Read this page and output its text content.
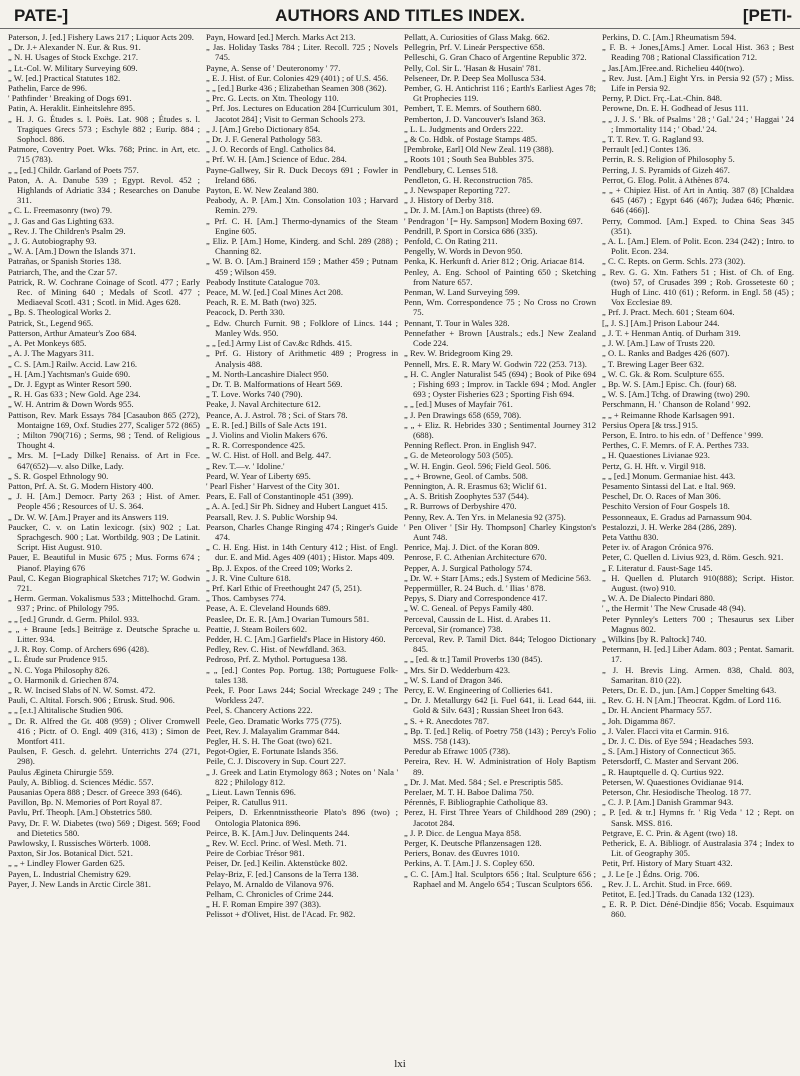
PATE-]	AUTHORS AND TITLES INDEX.	[PETI-

Paterson, J. [ed.] Fishery Laws 217 ; Liquor Acts 209.

„ Dr. J.+ Alexander N. Eur. & Rus. 91.

„ N. H. Usages of Stock Exchge. 217.

„ Lt.-Col. W. Military Surveying 609.

„ W. [ed.] Practical Statutes 182.

Pathelin, Farce de 996.

' Pathfinder ' Breaking of Dogs 691.

Patin, A. Heraklit. Einheitslehre 895.

„ H. J. G. Études s. l. Poës. Lat. 908 ; Études s. l. Tragiques Grecs 573 ; Eschyle 882 ; Eurip. 884 ; Sophocl. 886.

Patmore, Coventry Poet. Wks. 768; Princ. in Art, etc. 715 (783).

„ „ [ed.] Childr. Garland of Poets 757.

Paton, A. A. Danube 539 ; Egypt. Revol. 452 ; Highlands of Adriatic 334 ; Researches on Danube 311.

„ C. L. Freemasonry (two) 79.

„ J. Gas and Gas Lighting 633.

„ Rev. J. The Children's Psalm 29.

„ J. G. Autobiography 93.

„ W. A. [Am.] Down the Islands 371.

Patrañas, or Spanish Stories 138.

Patriarch, The, and the Czar 57.

Patrick, R. W. Cochrane Coinage of Scotl. 477 ; Early Rec. of Mining 640 ; Medals of Scotl. 477 ; Mediaeval Scotl. 431 ; Scotl. in Mid. Ages 628.

„ Bp. S. Theological Works 2.

Patrick, St., Legend 965.

Patterson, Arthur Amateur's Zoo 684.

„ A. Pet Monkeys 685.

„ A. J. The Magyars 311.

„ C. S. [Am.] Railw. Accid. Law 216.

„ H. [Am.] Yachtsman's Guide 690.

„ Dr. J. Egypt as Winter Resort 590.

„ R. H. Gas 633 ; New Gold. Age 234.

„ W. H. Antrim & Down Words 955.

Pattison, Rev. Mark Essays 784 [Casaubon 865 (272), Montaigne 169, Oxf. Studies 277, Scaliger 572 (865) ; Milton 790(716) ; Serms, 98 ; Tend. of Religious Thought 4.

„ Mrs. M. [=Lady Dilke] Renaiss. of Art in Fce. 647(652)—v. also Dilke, Lady.

„ S. R. Gospel Ethnology 90.

Patton, Prf. A. St. G. Modern History 400.

„ J. H. [Am.] Democr. Party 263 ; Hist. of Amer. People 456 ; Resources of U. S. 364.

„ Dr. W. W. [Am.] Prayer and its Answers 119.

Paucker, C. v. on Latin lexicogr. (six) 902 ; Lat. Sprachgesch. 900 ; Lat. Wortbildg. 903 ; De Latinit. Script. Hist August. 910.

Pauer, E. Beautiful in Music 675 ; Mus. Forms 674 ; Pianof. Playing 676

Paul, C. Kegan Biographical Sketches 717; W. Godwin 721.

„ Herm. German. Vokalismus 533 ; Mittelhochd. Gram. 937 ; Princ. of Philology 795.

„ „ [ed.] Grundr. d. Germ. Philol. 933.

„ „ + Braune [eds.] Beiträge z. Deutsche Sprache u. Litter. 934.

„ J. R. Roy. Comp. of Archers 696 (428).

„ L. Étude sur Prudence 915.

„ N. C. Yoga Philosophy 826.

„ O. Harmonik d. Griechen 874.

„ R. W. Incised Slabs of N. W. Somst. 472.

Pauli, C. Altital. Forsch. 906 ; Etrusk. Stud. 906.

„ „ [e.t.] Altitalische Studien 906.

„ Dr. R. Alfred the Gt. 408 (959) ; Oliver Cromwell 416 ; Pictr. of O. Engl. 409 (316, 413) ; Simon de Montfort 411.

Paulsen, F. Gesch. d. gelehrt. Unterrichts 274 (271, 298).

Paulus Ægineta Chirurgie 559.

Pauly, A. Bibliog. d. Sciences Médic. 557.

Pausanias Opera 888 ; Descr. of Greece 393 (646).

Pavillon, Bp. N. Memories of Port Royal 87.

Pavlu, Prf. Theoph. [Am.] Obstetrics 580.

Pavy, Dr. F. W. Diabetes (two) 569 ; Digest. 569; Food and Dietetics 580.

Pawlowsky, I. Russisches Wörterb. 1008.

Paxton, Sir Jos. Botanical Dict. 521.

„ „ + Lindley Flower Garden 625.

Payen, L. Industrial Chemistry 629.

Payer, J. New Lands in Arctic Circle 381.

Payn, Howard [ed.] Merch. Marks Act 213.

„ Jas. Holiday Tasks 784 ; Liter. Recoll. 725 ; Novels 745.

Payne, A. Sense of ' Deuteronomy ' 77.

„ E. J. Hist. of Eur. Colonies 429 (401) ; of U.S. 456.

„ „ [ed.] Burke 436 ; Elizabethan Seamen 308 (362).

„ Prc. G. Lects. on Xtn. Theology 110.

„ Prf. Jos. Lectures on Education 284 [Curriculum 301, Jacotot 284] ; Visit to German Schools 273.

„ J. [Am.] Grebo Dictionary 854.

„ Dr. J. F. General Pathology 583.

„ J. O. Records of Engl. Catholics 84.

„ Prf. W. H. [Am.] Science of Educ. 284.

Payne-Gallwey, Sir R. Duck Decoys 691 ; Fowler in Ireland 686.

Payton, E. W. New Zealand 380.

Peabody, A. P. [Am.] Xtn. Consolation 103 ; Harvard Remin. 279.

„ Prf. C. H. [Am.] Thermo-dynamics of the Steam Engine 605.

„ Eliz. P. [Am.] Home, Kinderg. and Schl. 289 (288) ; Channing 82.

„ W. B. O. [Am.] Brainerd 159 ; Mather 459 ; Putnam 459 ; Wilson 459.

Peabody Institute Catalogue 703.

Peace, M. W. [ed.] Coal Mines Act 208.

Peach, R. E. M. Bath (two) 325.

Peacock, D. Perth 330.

„ Edw. Church Furnit. 98 ; Folklore of Lincs. 144 ; Manley Wds. 950.

„ „ [ed.] Army List of Cav.&c Rdhds. 415.

„ Prf. G. History of Arithmetic 489 ; Progress in Analysis 488.

„ M. North-Lancashire Dialect 950.

„ Dr. T. B. Malformations of Heart 569.

„ T. Love. Works 740 (790).

Peake, J. Naval Architecture 612.

Peance, A. J. Astrol. 78 ; Sci. of Stars 78.

„ E. R. [ed.] Bills of Sale Acts 191.

„ J. Violins and Violin Makers 676.

„ R. R. Correspondence 425.

„ W. C. Hist. of Holl. and Belg. 447.

„ Rev. T.—v. ' Idoline.'

Peard, W. Year of Liberty 695.

' Pearl Fisher ' Harvest of the City 301.

Pears, E. Fall of Constantinople 451 (399).

„ A. A. [ed.] Sir Ph. Sidney and Hubert Languet 415.

Pearsall, Rev. J. S. Public Worship 94.

Pearson, Charles Change Ringing 474 ; Ringer's Guide 474.

„ C. H. Eng. Hist. in 14th Century 412 ; Hist. of Engl. dur. E. and Mid. Ages 409 (401) ; Histor. Maps 409.

„ Bp. J. Expos. of the Creed 109; Works 2.

„ J. R. Vine Culture 618.

„ Prf. Karl Ethic of Freethought 247 (5, 251).

„ Thos. Cambyses 774.

Pease, A. E. Cleveland Hounds 689.

Peaslee, Dr. E. R. [Am.] Ovarian Tumours 581.

Peattie, J. Steam Boilers 602.

Pedder, H. C. [Am.] Garfield's Place in History 460.

Pedley, Rev. C. Hist. of Newfdland. 363.

Pedroso, Prf. Z. Mythol. Portuguesa 138.

„ „ [ed.] Contes Pop. Portug. 138; Portuguese Folk-tales 138.

Peek, F. Poor Laws 244; Social Wreckage 249 ; The Workless 247.

Peel, S. Chancery Actions 222.

Peele, Geo. Dramatic Works 775 (775).

Peet, Rev. J. Malayalim Grammar 844.

Pegler, H. S. H. The Goat (two) 621.

Pegot-Ogier, E. Fortunate Islands 356.

Peile, C. J. Discovery in Sup. Court 227.

„ J. Greek and Latin Etymology 863 ; Notes on ' Nala ' 822 ; Philology 812.

„ Lieut. Lawn Tennis 696.

Peiper, R. Catullus 911.

Peipers, D. Erkenntnisstheorie Plato's 896 (two) ; Ontologia Platonica 896.

Peirce, B. K. [Am.] Juv. Delinquents 244.

„ Rev. W. Eccl. Princ. of Wesl. Meth. 71.

Peire de Corbiac Trésor 981.

Peiser, Dr. [ed.] Keilin. Aktenstücke 802.

Pelay-Briz, F. [ed.] Cansons de la Terra 138.

Pelayo, M. Arnaldo de Vilanova 976.

Pelham, C. Chronicles of Crime 244.

„ H. F. Roman Empire 397 (383).

Pelissot + d'Olivet, Hist. de l'Acad. Fr. 982.

Pellatt, A. Curiosities of Glass Makg. 662.

Pellegrin, Prf. V. Lineár Perspective 658.

Pelleschi, G. Gran Chaco of Argentine Republic 372.

Pelly, Col. Sir L. 'Hasan & Husain' 781.

Pelseneer, Dr. P. Deep Sea Mollusca 534.

Pember, G. H. Antichrist 116 ; Earth's Earliest Ages 78; Gt Prophecies 119.

Pembert, T. E. Memrs. of Southern 680.

Pemberton, J. D. Vancouver's Island 363.

„ L. L. Judgments and Orders 222.

„ & Co. Hdbk. of Postage Stamps 485.

[Pembroke, Earl] Old New Zeal. 119 (388).

„ Roots 101 ; South Sea Bubbles 375.

Pendlebury, C. Lenses 518.

Pendleton, G. H. Reconstruction 785.

„ J. Newspaper Reporting 727.

„ J. History of Derby 318.

„ Dr. J. M. [Am.] on Baptists (three) 69.

' Pendragon ' [= Hy. Sampson] Modern Boxing 697.

Pendrill, P. Sport in Corsica 686 (335).

Penfold, C. On Rating 211.

Pengelly, W. Words in Devon 950.

Penka, K. Herkunft d. Arier 812 ; Orig. Ariacae 814.

Penley, A. Eng. School of Painting 650 ; Sketching from Nature 657.

Penman, W. Land Surveying 599.

Penn, Wm. Correspondence 75 ; No Cross no Crown 75.

Pennant, T. Tour in Wales 328.

Pennefather + Brown [Australs.; eds.] New Zealand Code 224.

„ Rev. W. Bridegroom King 29.

Pennell, Mrs. E. R. Mary W. Godwin 722 (253. 713).

„ H. C. Angler Naturalist 545 (694) ; Book of Pike 694 ; Fishing 693 ; Improv. in Tackle 694 ; Mod. Angler 693 ; Oyster Fisheries 623 ; Sporting Fish 694.

„ „ [ed.] Muses of Mayfair 761.

„ J. Pen Drawings 658 (659, 708).

„ „ + Eliz. R. Hebrides 330 ; Sentimental Journey 312 (688).

Penning Reflect. Pron. in English 947.

„ G. de Meteorology 503 (505).

„ W. H. Engin. Geol. 596; Field Geol. 506.

„ „ + Browne, Geol. of Cambs. 508.

Pennington, A. R. Erasmus 63; Wiclif 61.

„ A. S. British Zoophytes 537 (544).

„ R. Burrows of Derbyshire 470.

Penny, Rev. A. Ten Yrs. in Melanesia 92 (375).

' Pen Oliver ' [Sir Hy. Thompson] Charley Kingston's Aunt 748.

Penrice, Maj. J. Dict. of the Koran 809.

Penrose, F. C. Athenian Architecture 670.

Pepper, A. J. Surgical Pathology 574.

„ Dr. W. + Starr [Ams.; eds.] System of Medicine 563.

Peppermüller, R. 24 Buch. d. ' Ilias ' 878.

Pepys, S. Diary and Correspondence 417.

„ W. C. Geneal. of Pepys Family 480.

Perceval, Caussin de L. Hist. d. Arabes 11.

Perceval, Sir (romance) 738.

Perceval, Rev. P. Tamil Dict. 844; Telogoo Dictionary 845.

„ „ [ed. & tr.] Tamil Proverbs 130 (845).

„ Mrs. Sir D. Wedderburn 423.

„ W. S. Land of Dragon 346.

Percy, E. W. Engineering of Collieries 641.

„ Dr. J. Metallurgy 642 [i. Fuel 641, ii. Lead 644, iii. Gold & Silv. 643] ; Russian Sheet Iron 643.

„ S. + R. Anecdotes 787.

„ Bp. T. [ed.] Reliq. of Poetry 758 (143) ; Percy's Folio MSS. 758 (143).

Peredur ab Efrawc 1005 (738).

Pereira, Rev. H. W. Administration of Holy Baptism 89.

„ Dr. J. Mat. Med. 584 ; Sel. e Prescriptis 585.

Perelaer, M. T. H. Baboe Dalima 750.

Pérennès, F. Bibliographie Catholique 83.

Perez, H. First Three Years of Childhood 289 (290) ; Jacotot 284.

„ J. P. Dicc. de Lengua Maya 858.

Perger, K. Deutsche Pflanzensagen 128.

Periers, Bonav. des Œuvres 1010.

Perkins, A. T. [Am.] J. S. Copley 650.

„ C. C. [Am.] Ital. Sculptors 656 ; Ital. Sculpture 656 ; Raphael and M. Angelo 654 ; Tuscan Sculptors 656.

Perkins, D. C. [Am.] Rheumatism 594.

„ F. B. + Jones,[Ams.] Amer. Local Hist. 363 ; Best Reading 708 ; Rational Classification 712.

„ Jas.[Am.]Free.and. Richelieu 440(two).

„ Rev. Just. [Am.] Eight Yrs. in Persia 92 (57) ; Miss. Life in Persia 92.

Perny, P. Dict. Frç.-Lat.-Chin. 848.

Perowne, Dn. E. H. Godhead of Jesus 111.

„ „ J. J. S. ' Bk. of Psalms ' 28 ; ' Gal.' 24 ; ' Haggai ' 24 ; Immortality 114 ; ' Obad.' 24.

„ T. T. Rev. T. G. Ragland 93.

Perrault [ed.] Contes 136.

Perrin, R. S. Religion of Philosophy 5.

Perring, J. S. Pyramids of Gizeh 467.

Perrot, G. Elog. Polit. à Athènes 874.

„ „ + Chipiez Hist. of Art in Antiq. 387 (8) [Chaldæa 645 (467) ; Egypt 646 (467); Judæa 646; Phœnic. 646 (466)].

Perry, Commod. [Am.] Exped. to China Seas 345 (351).

„ A. L. [Am.] Elem. of Polit. Econ. 234 (242) ; Intro. to Polit. Econ. 234.

„ C. C. Repts. on Germ. Schls. 273 (302).

„ Rev. G. G. Xtn. Fathers 51 ; Hist. of Ch. of Eng. (two) 57, of Crusades 399 ; Rob. Grosseteste 60 ; Hugh of Linc. 410 (61) ; Reform. in Engl. 58 (45) ; Vox Ecclesiae 89.

„ Prf. J. Pract. Mech. 601 ; Steam 604.

[„ J. S.] [Am.] Prison Labour 244.

„ J. T. + Henman Antiq. of Durham 319.

„ J. W. [Am.] Law of Trusts 220.

„ O. L. Ranks and Badges 426 (607).

„ T. Brewing Lager Beer 632.

„ W. C. Gk. & Rom. Sculpture 655.

„ Bp. W. S. [Am.] Episc. Ch. (four) 68.

„ W. S. [Am.] Tchg. of Drawing (two) 290.

Perschmann, H. ' Chanson de Roland ' 992.

„ „ + Reimanne Rhode Karlsagen 991.

Persius Opera [& trss.] 915.

Person, E. Intro. to his edn. of ' Deffence ' 999.

Perthes, C. F. Memrs. of F. A. Perthes 733.

„ H. Quaestiones Livianae 923.

Pertz, G. H. Hft. v. Virgil 918.

„ „ [ed.] Monum. Germaniae hist. 443.

Pesamento Sintassi del Lat. e Ital. 969.

Peschel, Dr. O. Races of Man 306.

Peschito Version of Four Gospels 18.

Pessonneaux, E. Gradus ad Parnassum 904.

Pestalozzi, J. H. Werke 284 (286, 289).

Peta Vatthu 830.

Peter iv. of Aragon Crónica 976.

Peter, C. Quellen d. Livius 923, d. Röm. Gesch. 921.

„ F. Literatur d. Faust-Sage 145.

„ H. Quellen d. Plutarch 910(888); Script. Histor. August. (two) 910.

„ W. A. De Dialecto Pindari 880.

' „ the Hermit ' The New Crusade 48 (94).

Peter Pynnley's Letters 700 ; Thesaurus sex Liber Magnus 802.

„ Wilkins [by R. Paltock] 740.

Petermann, H. [ed.] Liber Adam. 803 ; Pentat. Samarit. 17.

„ J. H. Brevis Ling. Armen. 838, Chald. 803, Samaritan. 810 (22).

Peters, Dr. E. D., jun. [Am.] Copper Smelting 643.

„ Rev. G. H. N [Am.] Theocrat. Kgdm. of Lord 116.

„ Dr. H. Ancient Pharmacy 557.

„ Joh. Digamma 867.

„ J. Valer. Flacci vita et Carmin. 916.

„ Dr. J. C. Dis. of Eye 594 ; Headaches 593.

„ S. [Am.] History of Connecticut 365.

Petersdorff, C. Master and Servant 206.

„ R. Hauptquelle d. Q. Curtius 922.

Petersen, W. Quaestiones Ovidianae 914.

Peterson, Chr. Hesiodische Theolog. 18 77.

„ C. J. P. [Am.] Danish Grammar 943.

„ P. [ed. & tr.] Hymns fr. ' Rig Veda ' 12 ; Rept. on Sansk. MSS. 816.

Petgrave, E. C. Prin. & Agent (two) 18.

Petherick, E. A. Bibliogr. of Australasia 374 ; Index to Lit. of Geography 305.

Petit, Prf. History of Mary Stuart 432.

„ J. Le [e .] Édns. Orig. 706.

„ Rev. J. L. Archit. Stud. in Frce. 669.

Petitot, E. [ed.] Trads. du Canada 132 (123).

„ E. R. P. Dict. Déné-Dindjie 856; Vocab. Esquimaux 860.

lxi
